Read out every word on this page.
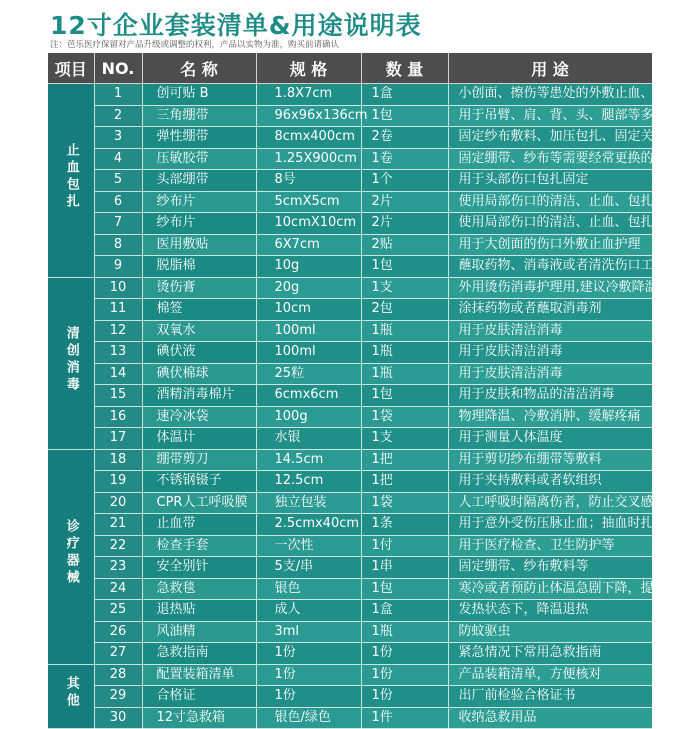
12寸企业套装清单&用途说明表
注：芭乐医疗保留对产品升级或调整的权利，产品以实物为准，购买前请确认
项目	NO.	名 称	规 格	数 量	用 途
止血包扎	1	创可贴 B	1.8X7cm	1盒	小创面、擦伤等患处的外敷止血、护创用
	2	三角绷带	96x96x136cm	1包	用于吊臂、肩、背、头、腿部等多处包扎
	3	弹性绷带	8cmx400cm	2卷	固定纱布敷料、加压包扎、固定关节保护
	4	压敏胶带	1.25X900cm	1卷	固定绷带、纱布等需要经常更换的敷料
	5	头部绷带	8号	1个	用于头部伤口包扎固定
	6	纱布片	5cmX5cm	2片	使用局部伤口的清洁、止血、包扎等
	7	纱布片	10cmX10cm	2片	使用局部伤口的清洁、止血、包扎等
	8	医用敷贴	6X7cm	2贴	用于大创面的伤口外敷止血护理
	9	脱脂棉	10g	1包	蘸取药物、消毒液或者清洗伤口工具
清创消毒	10	烫伤膏	20g	1支	外用烫伤消毒护理用,建议冷敷降温后用
	11	棉签	10cm	2包	涂抹药物或者蘸取消毒剂
	12	双氧水	100ml	1瓶	用于皮肤清洁消毒
	13	碘伏液	100ml	1瓶	用于皮肤清洁消毒
	14	碘伏棉球	25粒	1瓶	用于皮肤清洁消毒
	15	酒精消毒棉片	6cmx6cm	1包	用于皮肤和物品的清洁消毒
	16	速冷冰袋	100g	1袋	物理降温、冷敷消肿、缓解疼痛
	17	体温计	水银	1支	用于测量人体温度
诊疗器械	18	绷带剪刀	14.5cm	1把	用于剪切纱布绷带等敷料
	19	不锈钢镊子	12.5cm	1把	用于夹持敷料或者软组织
	20	CPR人工呼吸膜	独立包装	1袋	人工呼吸时隔离伤者，防止交叉感染
	21	止血带	2.5cmx40cm	1条	用于意外受伤压脉止血；抽血时扎紧手臂
	22	检查手套	一次性	1付	用于医疗检查、卫生防护等
	23	安全别针	5支/串	1串	固定绷带、纱布敷料等
	24	急救毯	银色	1包	寒冷或者预防止体温急剧下降，提供保暖
	25	退热贴	成人	1盒	发热状态下，降温退热
	26	风油精	3ml	1瓶	防蚊驱虫
	27	急救指南	1份	1份	紧急情况下常用急救指南
其他	28	配置装箱清单	1份	1份	产品装箱清单，方便核对
	29	合格证	1份	1份	出厂前检验合格证书
	30	12寸急救箱	银色/绿色	1件	收纳急救用品
